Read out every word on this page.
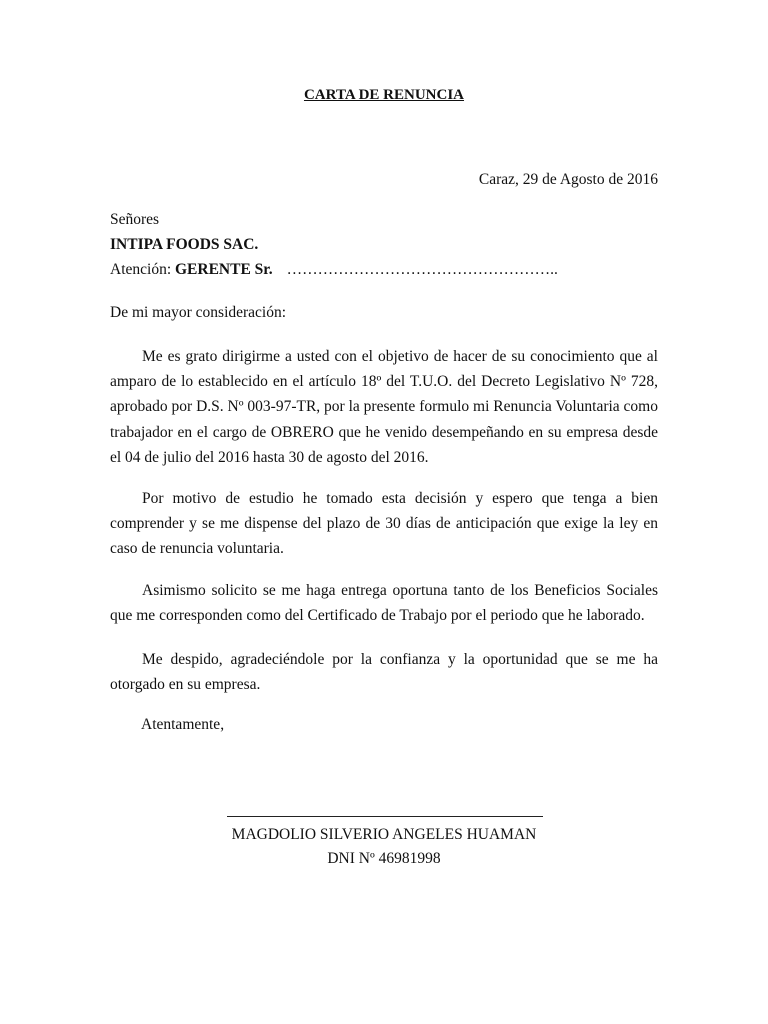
CARTA DE RENUNCIA
Caraz, 29 de Agosto de 2016
Señores
INTIPA FOODS SAC.
Atención: GERENTE Sr. ……………………………………………..
De mi mayor consideración:
Me es grato dirigirme a usted con el objetivo de hacer de su conocimiento que al amparo de lo establecido en el artículo 18º del T.U.O. del Decreto Legislativo Nº 728, aprobado por D.S. Nº 003-97-TR, por la presente formulo mi Renuncia Voluntaria como trabajador en el cargo de OBRERO que he venido desempeñando en su empresa desde el 04 de julio del 2016 hasta 30 de agosto del 2016.
Por motivo de estudio he tomado esta decisión y espero que tenga a bien comprender y se me dispense del plazo de 30 días de anticipación que exige la ley en caso de renuncia voluntaria.
Asimismo solicito se me haga entrega oportuna tanto de los Beneficios Sociales que me corresponden como del Certificado de Trabajo por el periodo que he laborado.
Me despido, agradeciéndole por la confianza y la oportunidad que se me ha otorgado en su empresa.
Atentamente,
MAGDOLIO SILVERIO ANGELES HUAMAN
DNI Nº 46981998
